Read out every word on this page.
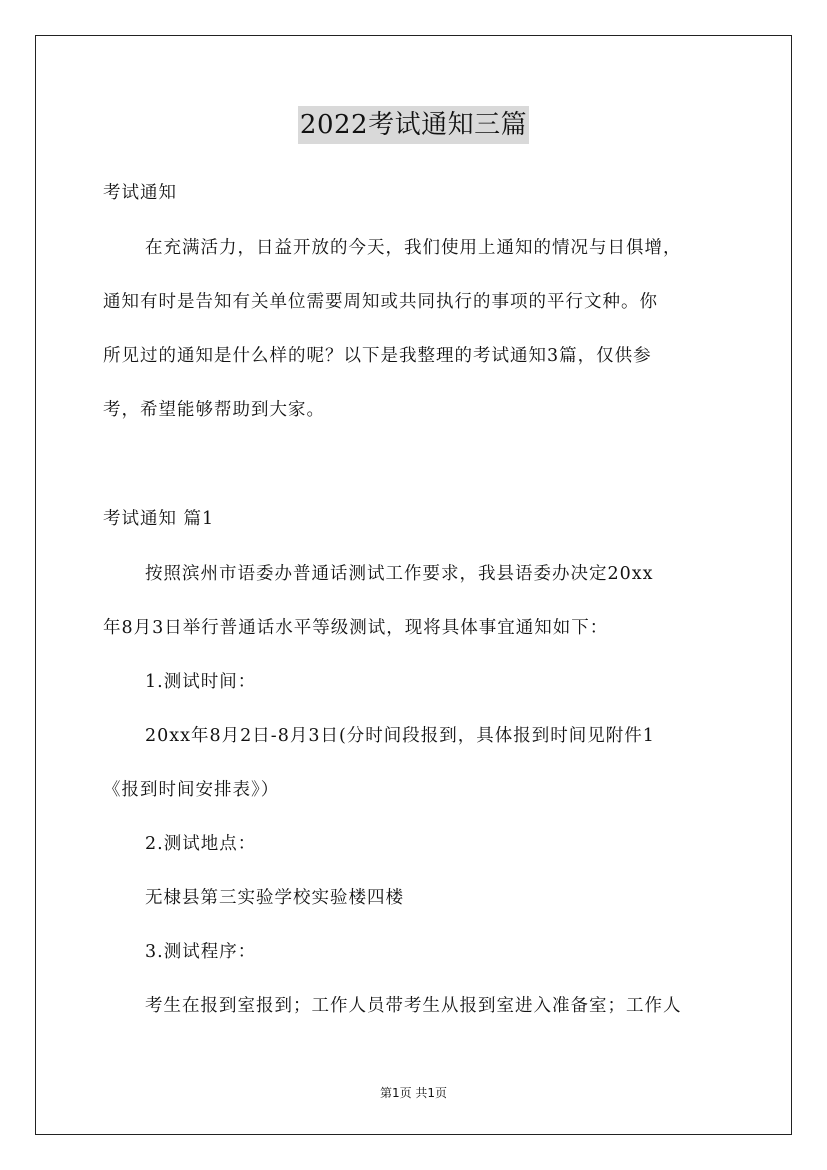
2022考试通知三篇

考试通知

在充满活力，日益开放的今天，我们使用上通知的情况与日俱增，

通知有时是告知有关单位需要周知或共同执行的事项的平行文种。你

所见过的通知是什么样的呢？以下是我整理的考试通知3篇，仅供参

考，希望能够帮助到大家。

考试通知 篇1

按照滨州市语委办普通话测试工作要求，我县语委办决定20xx

年8月3日举行普通话水平等级测试，现将具体事宜通知如下：

1.测试时间：

20xx年8月2日-8月3日(分时间段报到，具体报到时间见附件1

《报到时间安排表》）

2.测试地点：

无棣县第三实验学校实验楼四楼

3.测试程序：

考生在报到室报到；工作人员带考生从报到室进入准备室；工作人

第1页 共1页
